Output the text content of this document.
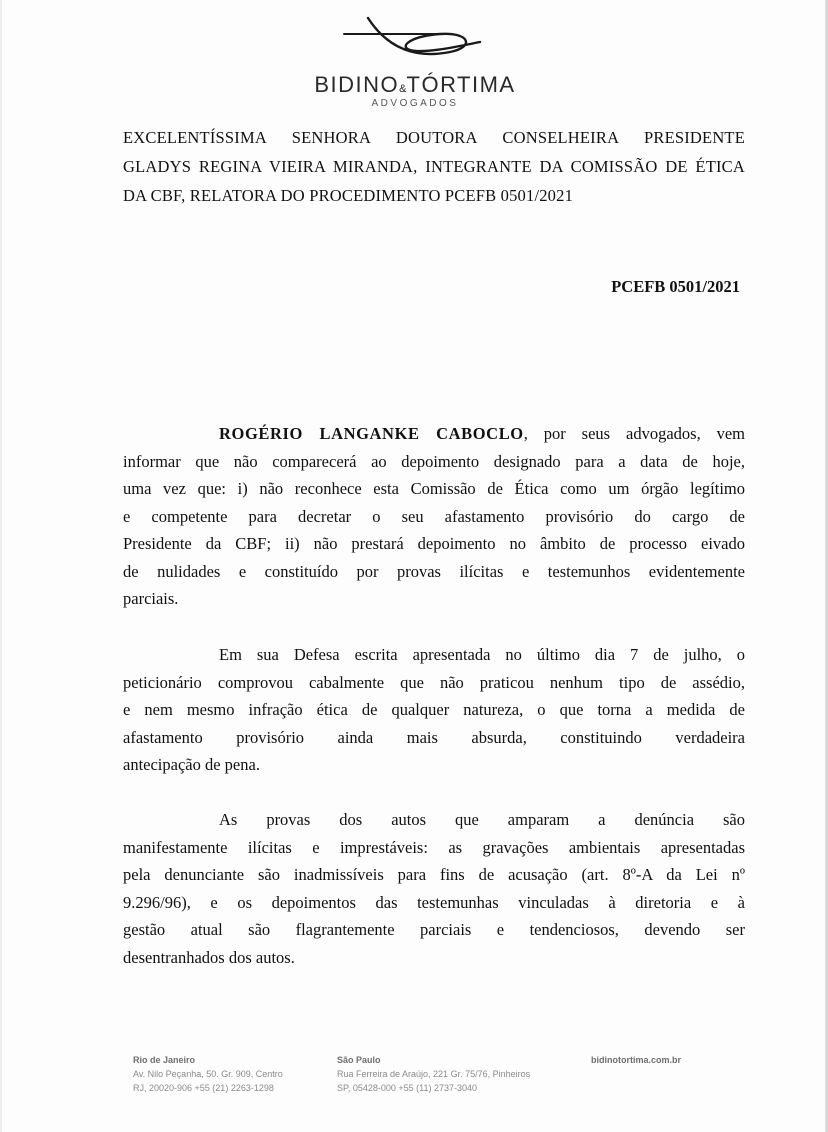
BIDINO&TÓRTIMA
ADVOGADOS
EXCELENTÍSSIMA SENHORA DOUTORA CONSELHEIRA PRESIDENTE
GLADYS REGINA VIEIRA MIRANDA, INTEGRANTE DA COMISSÃO DE ÉTICA
DA CBF, RELATORA DO PROCEDIMENTO PCEFB 0501/2021
PCEFB 0501/2021
ROGÉRIO LANGANKE CABOCLO, por seus advogados, vem
informar que não comparecerá ao depoimento designado para a data de hoje,
uma vez que: i) não reconhece esta Comissão de Ética como um órgão legítimo
e competente para decretar o seu afastamento provisório do cargo de
Presidente da CBF; ii) não prestará depoimento no âmbito de processo eivado
de nulidades e constituído por provas ilícitas e testemunhos evidentemente
parciais.
Em sua Defesa escrita apresentada no último dia 7 de julho, o
peticionário comprovou cabalmente que não praticou nenhum tipo de assédio,
e nem mesmo infração ética de qualquer natureza, o que torna a medida de
afastamento provisório ainda mais absurda, constituindo verdadeira
antecipação de pena.
As provas dos autos que amparam a denúncia são
manifestamente ilícitas e imprestáveis: as gravações ambientais apresentadas
pela denunciante são inadmissíveis para fins de acusação (art. 8º-A da Lei nº
9.296/96), e os depoimentos das testemunhas vinculadas à diretoria e à
gestão atual são flagrantemente parciais e tendenciosos, devendo ser
desentranhados dos autos.
Rio de Janeiro
Av. Nilo Peçanha, 50. Gr. 909, Centro
RJ, 20020-906 +55 (21) 2263-1298
São Paulo
Rua Ferreira de Araújo, 221 Gr. 75/76, Pinheiros
SP, 05428-000 +55 (11) 2737-3040
bidinotortima.com.br
